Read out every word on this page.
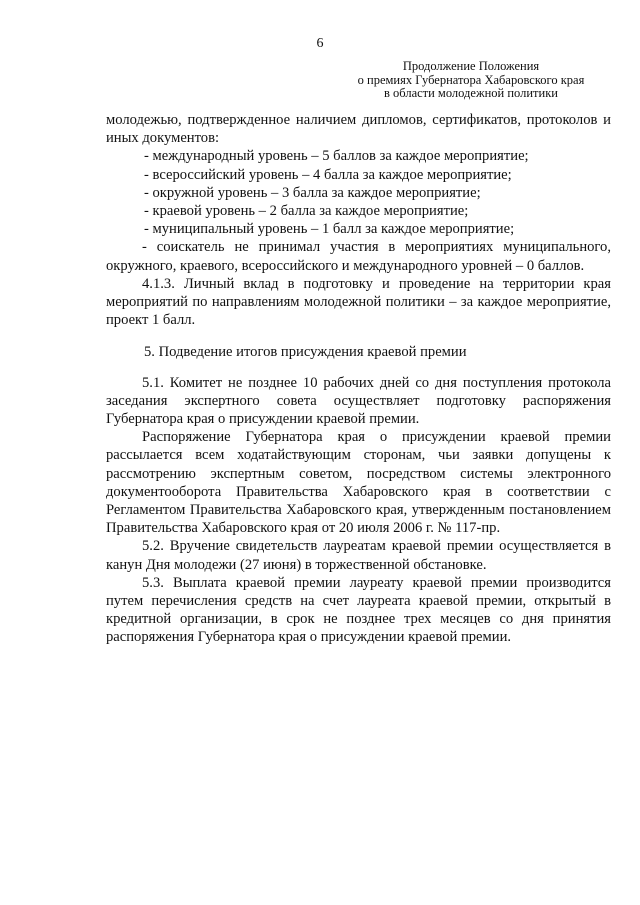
6
Продолжение Положения
о премиях Губернатора Хабаровского края
в области молодежной политики

молодежью, подтвержденное наличием дипломов, сертификатов, протоколов и иных документов:

- международный уровень – 5 баллов за каждое мероприятие;

- всероссийский уровень – 4 балла за каждое мероприятие;

- окружной уровень – 3 балла за каждое мероприятие;

- краевой уровень – 2 балла за каждое мероприятие;

- муниципальный уровень – 1 балл за каждое мероприятие;

- соискатель не принимал участия в мероприятиях муниципального, окружного, краевого, всероссийского и международного уровней – 0 баллов.

4.1.3. Личный вклад в подготовку и проведение на территории края мероприятий по направлениям молодежной политики – за каждое мероприятие, проект 1 балл.

5. Подведение итогов присуждения краевой премии

5.1. Комитет не позднее 10 рабочих дней со дня поступления протокола заседания экспертного совета осуществляет подготовку распоряжения Губернатора края о присуждении краевой премии.

Распоряжение Губернатора края о присуждении краевой премии рассылается всем ходатайствующим сторонам, чьи заявки допущены к рассмотрению экспертным советом, посредством системы электронного документооборота Правительства Хабаровского края в соответствии с Регламентом Правительства Хабаровского края, утвержденным постановлением Правительства Хабаровского края от 20 июля 2006 г. № 117-пр.

5.2. Вручение свидетельств лауреатам краевой премии осуществляется в канун Дня молодежи (27 июня) в торжественной обстановке.

5.3. Выплата краевой премии лауреату краевой премии производится путем перечисления средств на счет лауреата краевой премии, открытый в кредитной организации, в срок не позднее трех месяцев со дня принятия распоряжения Губернатора края о присуждении краевой премии.
